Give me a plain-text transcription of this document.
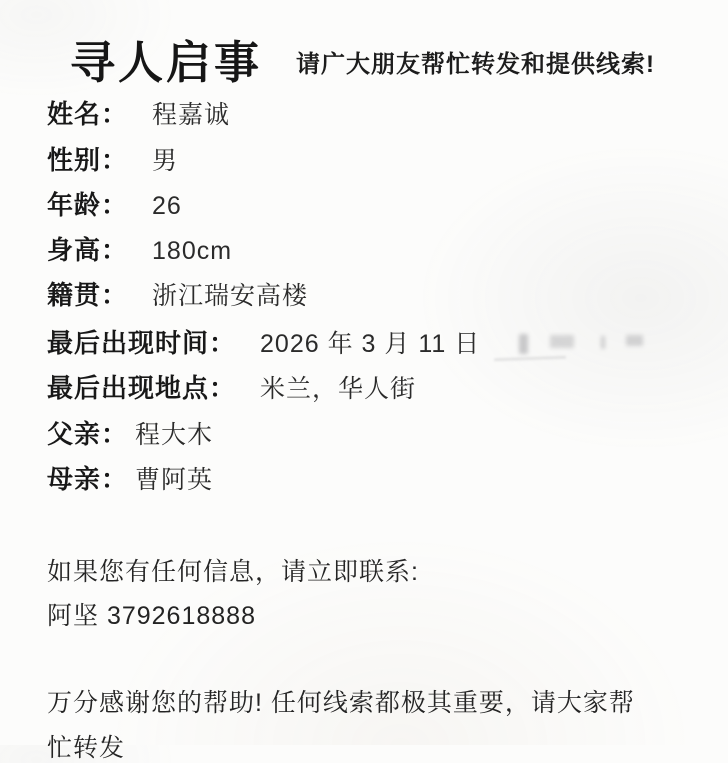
寻人启事 请广大朋友帮忙转发和提供线索!
姓名： 程嘉诚
性别： 男
年龄： 26
身高： 180cm
籍贯： 浙江瑞安高楼
最后出现时间： 2026 年 3 月 11 日
最后出现地点： 米兰，华人街
父亲： 程大木
母亲： 曹阿英
如果您有任何信息，请立即联系:
阿坚 3792618888
万分感谢您的帮助! 任何线索都极其重要，请大家帮
忙转发
